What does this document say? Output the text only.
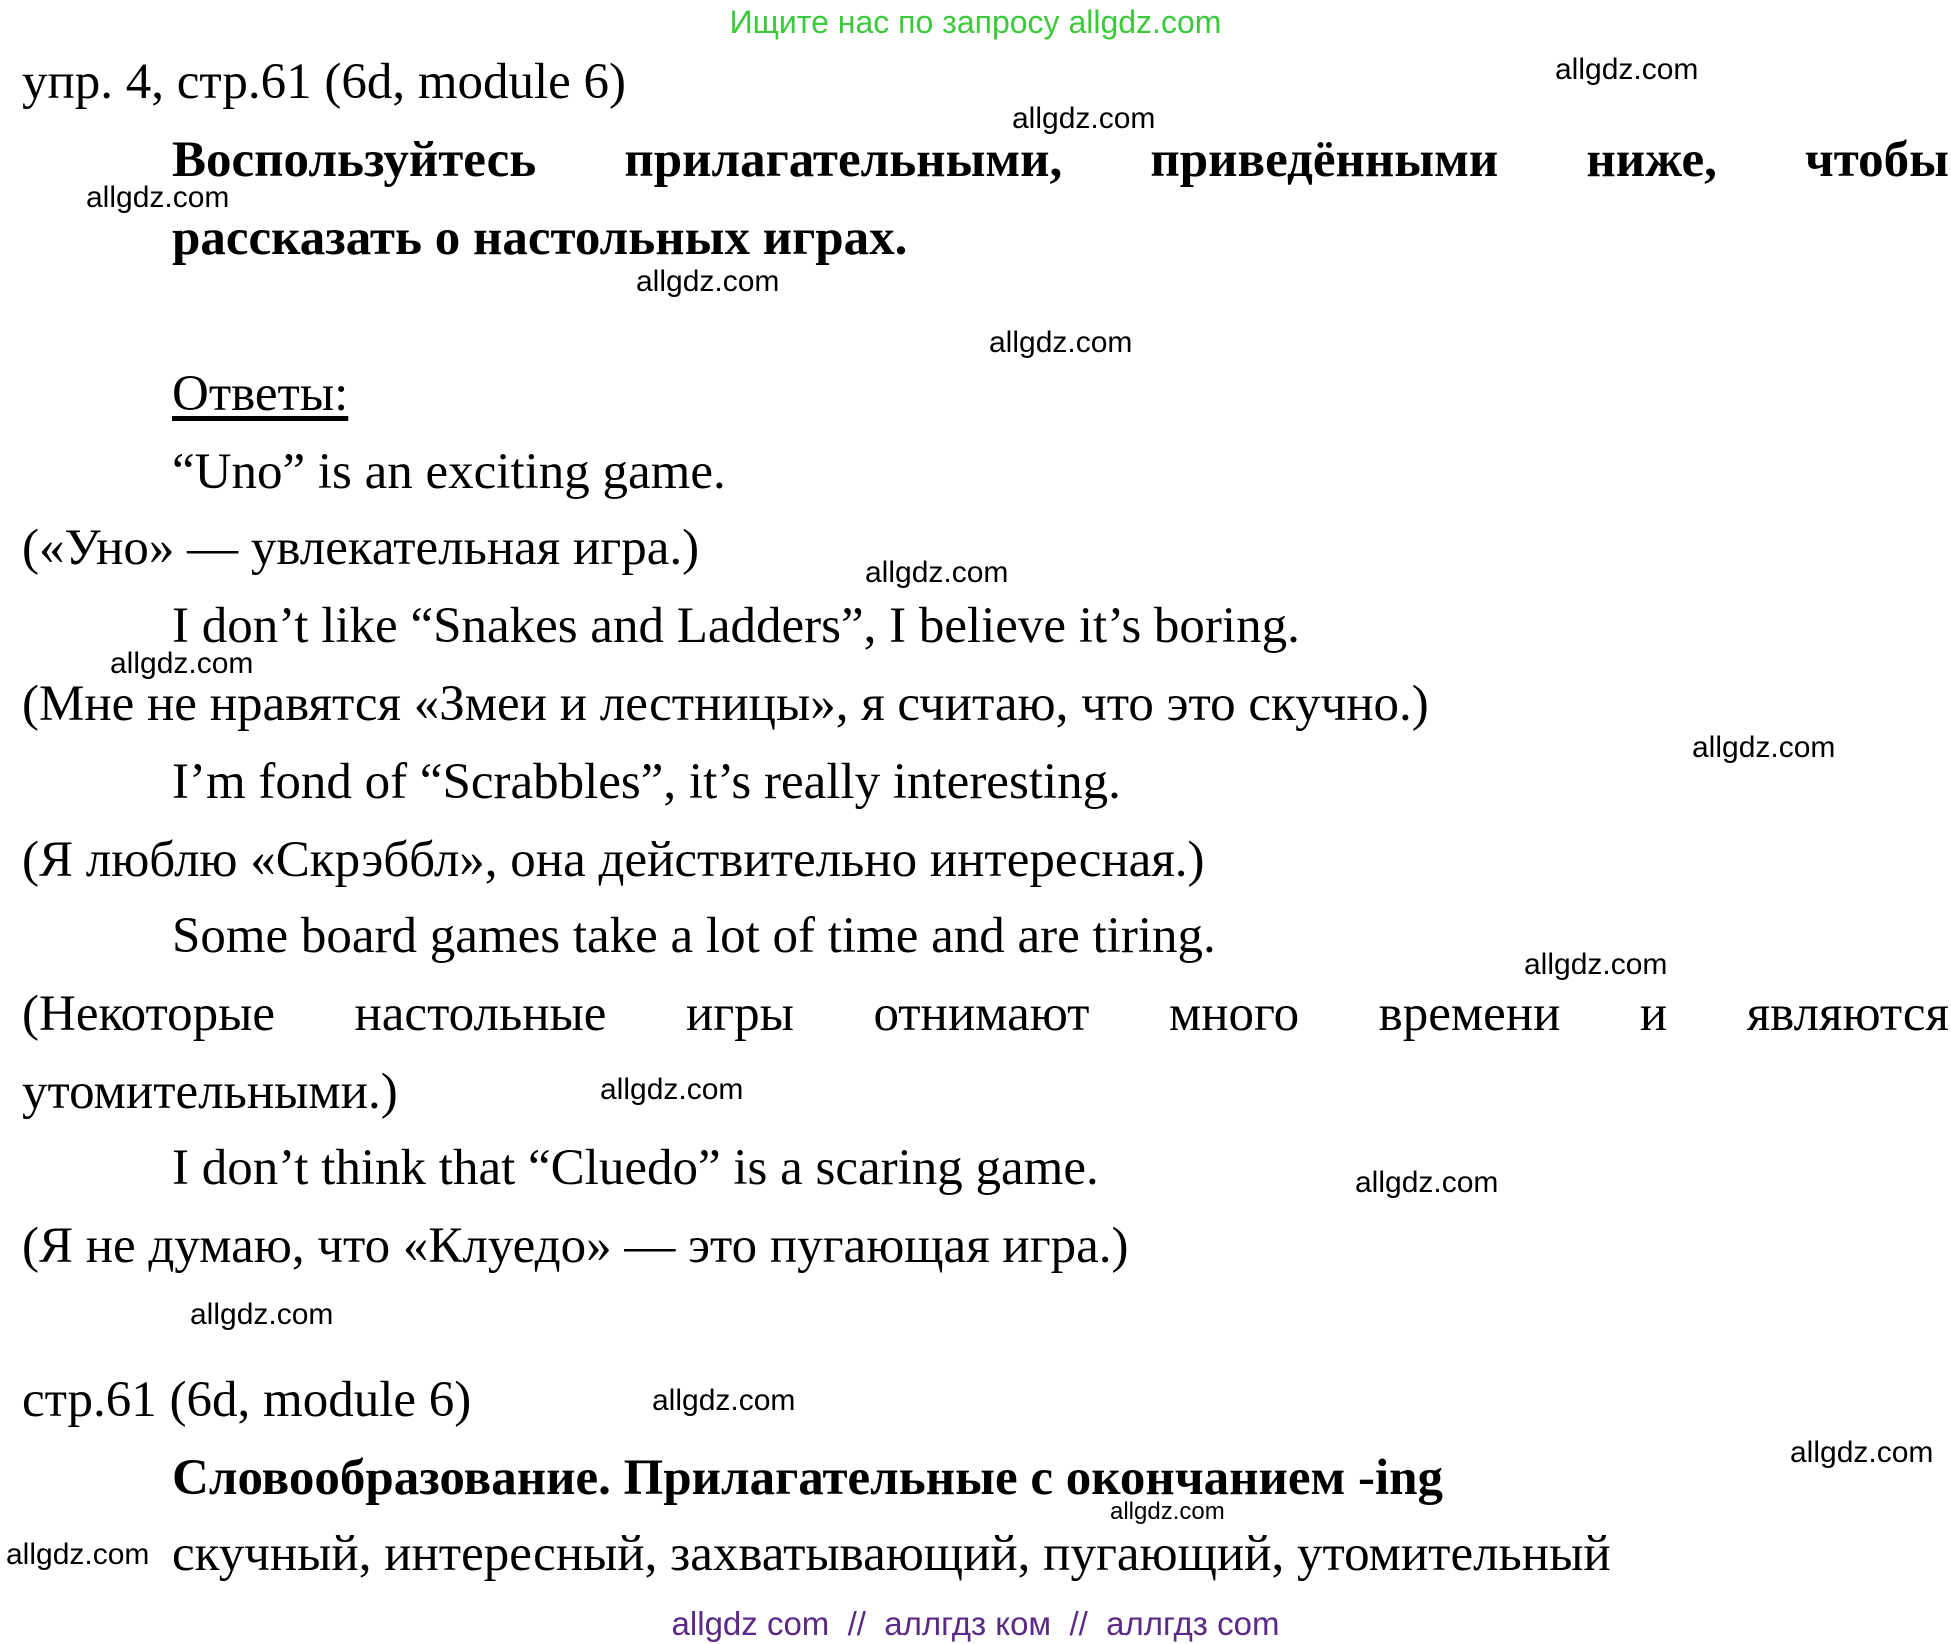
Ищите нас по запросу allgdz.com
упр. 4, стр.61 (6d, module 6)
Воспользуйтесь прилагательными, приведёнными ниже, чтобы
рассказать о настольных играх.
Ответы:
“Uno” is an exciting game.
(«Уно» — увлекательная игра.)
I don’t like “Snakes and Ladders”, I believe it’s boring.
(Мне не нравятся «Змеи и лестницы», я считаю, что это скучно.)
I’m fond of “Scrabbles”, it’s really interesting.
(Я люблю «Скрэббл», она действительно интересная.)
Some board games take a lot of time and are tiring.
(Некоторые настольные игры отнимают много времени и являются
утомительными.)
I don’t think that “Cluedo” is a scaring game.
(Я не думаю, что «Клуедо» — это пугающая игра.)
стр.61 (6d, module 6)
Словообразование. Прилагательные с окончанием -ing
скучный, интересный, захватывающий, пугающий, утомительный
allgdz.com
allgdz.com
allgdz.com
allgdz.com
allgdz.com
allgdz.com
allgdz.com
allgdz.com
allgdz.com
allgdz.com
allgdz.com
allgdz.com
allgdz.com
allgdz.com
allgdz.com
allgdz.com
allgdz com  //  аллгдз ком  //  аллгдз com
